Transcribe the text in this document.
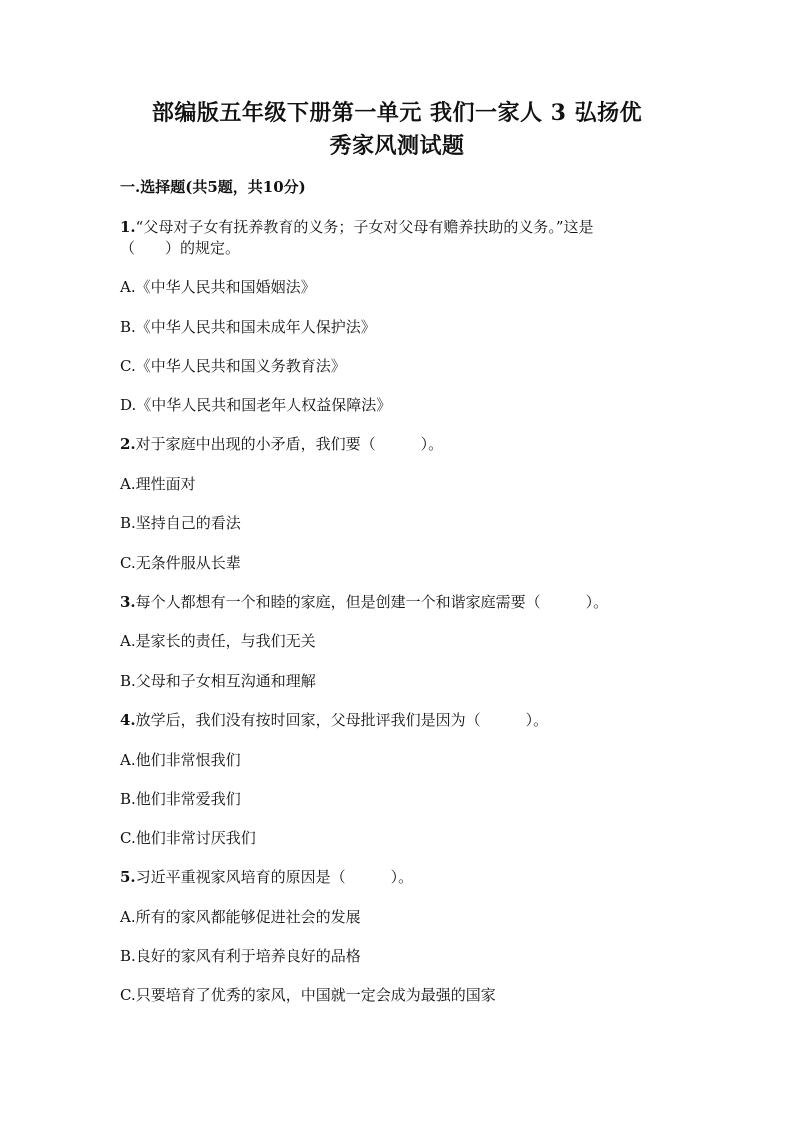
部编版五年级下册第一单元 我们一家人 3 弘扬优
秀家风测试题
一.选择题(共5题，共10分)
1.“父母对子女有抚养教育的义务；子女对父母有赡养扶助的义务。”这是
（　　）的规定。
A.《中华人民共和国婚姻法》
B.《中华人民共和国未成年人保护法》
C.《中华人民共和国义务教育法》
D.《中华人民共和国老年人权益保障法》
2.对于家庭中出现的小矛盾，我们要（　　　）。
A.理性面对
B.坚持自己的看法
C.无条件服从长辈
3.每个人都想有一个和睦的家庭，但是创建一个和谐家庭需要（　　　）。
A.是家长的责任，与我们无关
B.父母和子女相互沟通和理解
4.放学后，我们没有按时回家，父母批评我们是因为（　　　）。
A.他们非常恨我们
B.他们非常爱我们
C.他们非常讨厌我们
5.习近平重视家风培育的原因是（　　　）。
A.所有的家风都能够促进社会的发展
B.良好的家风有利于培养良好的品格
C.只要培育了优秀的家风，中国就一定会成为最强的国家
